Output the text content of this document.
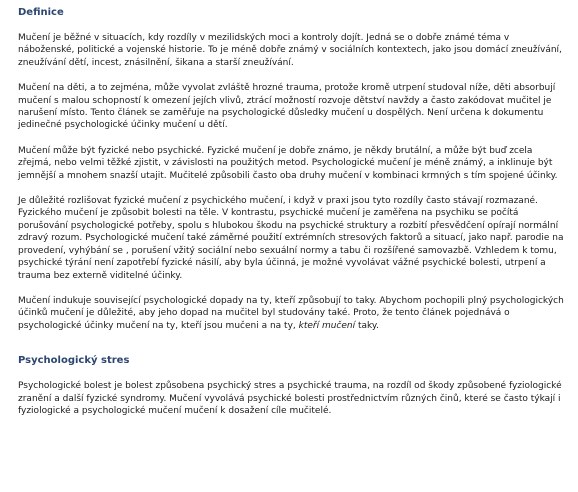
Definice

Mučení je běžné v situacích, kdy rozdíly v mezilidských moci a kontroly dojít. Jedná se o dobře známé téma v náboženské, politické a vojenské historie. To je méně dobře známý v sociálních kontextech, jako jsou domácí zneužívání, zneužívání dětí, incest, znásilnění, šikana a starší zneužívání.

Mučení na děti, a to zejména, může vyvolat zvláště hrozné trauma, protože kromě utrpení studoval níže, děti absorbují mučení s malou schopností k omezení jejích vlivů, ztrácí možností rozvoje dětství navždy a často zakódovat mučitel je narušení místo. Tento článek se zaměřuje na psychologické důsledky mučení u dospělých. Není určena k dokumentu jedinečné psychologické účinky mučení u dětí.

Mučení může být fyzické nebo psychické. Fyzické mučení je dobře známo, je někdy brutální, a může být buď zcela zřejmá, nebo velmi těžké zjistit, v závislosti na použitých metod. Psychologické mučení je méně známý, a inklinuje být jemnější a mnohem snazší utajit. Mučitelé způsobili často oba druhy mučení v kombinaci krmných s tím spojené účinky.

Je důležité rozlišovat fyzické mučení z psychického mučení, i když v praxi jsou tyto rozdíly často stávají rozmazané. Fyzického mučení je způsobit bolesti na těle. V kontrastu, psychické mučení je zaměřena na psychiku se počítá porušování psychologické potřeby, spolu s hlubokou škodu na psychické struktury a rozbití přesvědčení opírají normální zdravý rozum. Psychologické mučení také záměrné použití extrémních stresových faktorů a situací, jako např. parodie na provedení, vyhýbání se , porušení vžitý sociální nebo sexuální normy a tabu či rozšířené samovazbě. Vzhledem k tomu, psychické týrání není zapotřebí fyzické násilí, aby byla účinná, je možné vyvolávat vážné psychické bolesti, utrpení a trauma bez externě viditelné účinky.

Mučení indukuje související psychologické dopady na ty, kteří způsobují to taky. Abychom pochopili plný psychologických účinků mučení je důležité, aby jeho dopad na mučitel byl studovány také. Proto, že tento článek pojednává o psychologické účinky mučení na ty, kteří jsou mučeni a na ty, kteří mučení taky.

Psychologický stres

Psychologické bolest je bolest způsobena psychický stres a psychické trauma, na rozdíl od škody způsobené fyziologické zranění a další fyzické syndromy. Mučení vyvolává psychické bolesti prostřednictvím různých činů, které se často týkají i fyziologické a psychologické mučení mučení k dosažení cíle mučitelé.
